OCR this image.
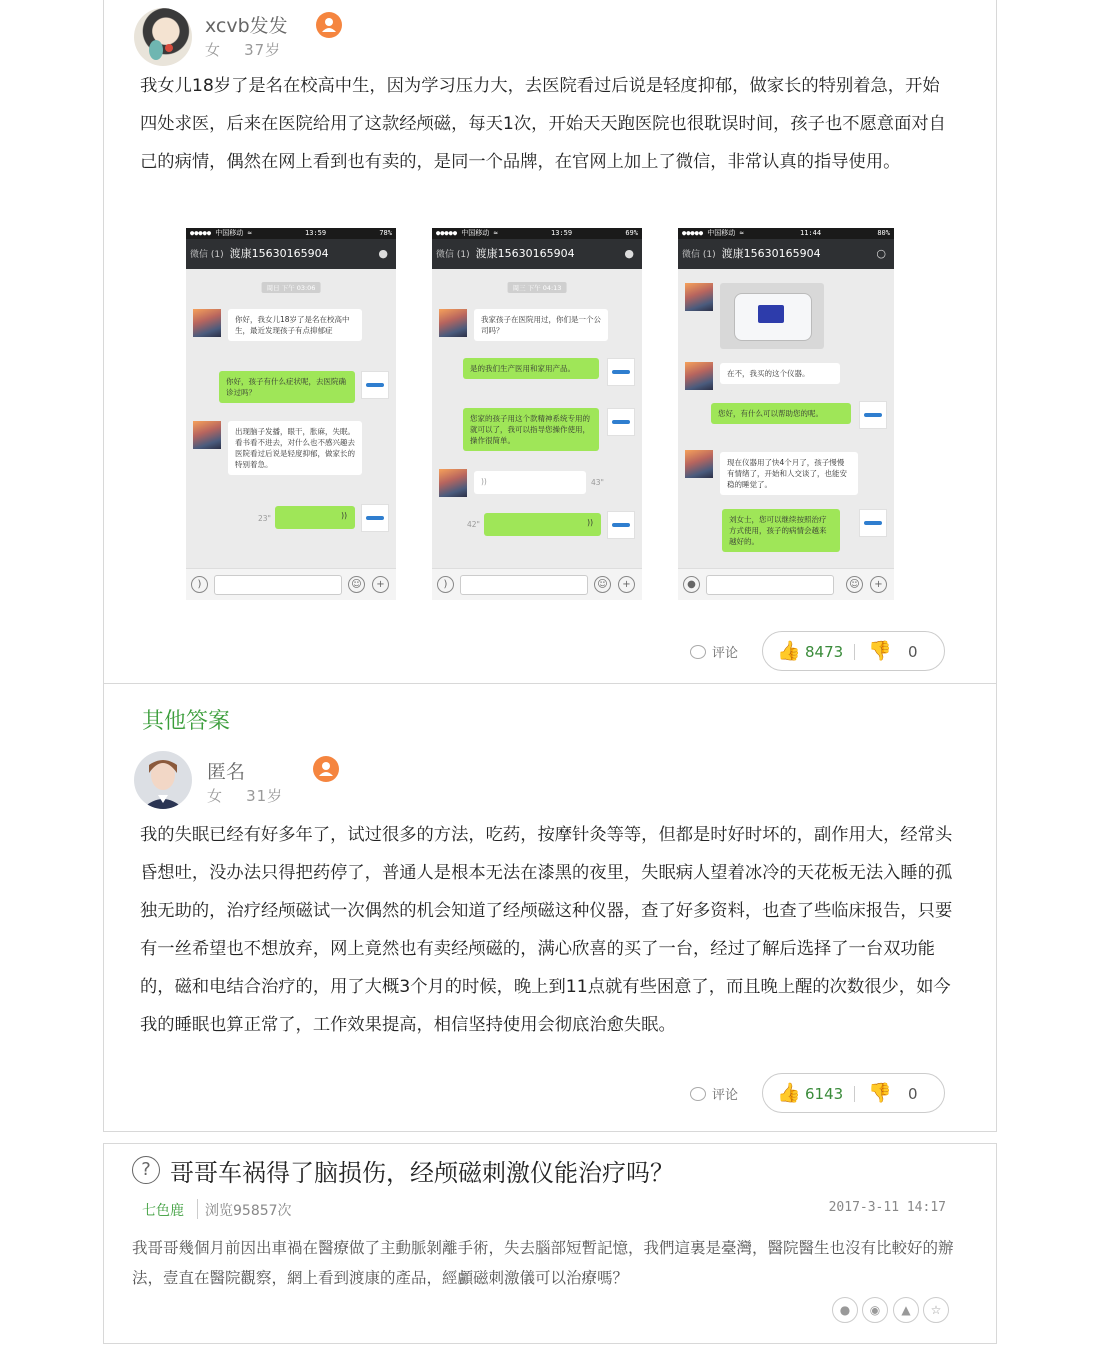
xcvb发发
女 37岁
我女儿18岁了是名在校高中生，因为学习压力大，去医院看过后说是轻度抑郁，做家长的特别着急，开始四处求医，后来在医院给用了这款经颅磁，每天1次，开始天天跑医院也很耽误时间，孩子也不愿意面对自己的病情，偶然在网上看到也有卖的，是同一个品牌，在官网上加上了微信，非常认真的指导使用。
●●●●● 中国移动 ≈	13:59	78%
微信 (1) 渡康15630165904	●
周日 下午 03:06
你好，我女儿18岁了是名在校高中生，最近发现孩子有点抑郁症
你好，孩子有什么症状呢，去医院确诊过吗？
出现脑子发播，眼干，胀麻，失眠。看书看不进去，对什么也不感兴趣去医院看过后说是轻度抑郁，做家长的特别着急。
23"	))
)	☺	+
●●●●● 中国移动 ≈	13:59	69%
微信 (1) 渡康15630165904	●
周三 下午 04:13
我家孩子在医院用过，你们是一个公司吗？
是的我们生产医用和家用产品。
您家的孩子用这个款精神系统专用的就可以了，我可以指导您操作使用，操作很简单。
))	43"
42"	))
)	☺	+
●●●●● 中国移动 ≈	11:44	80%
微信 (1) 渡康15630165904	○
在不，我买的这个仪器。
您好，有什么可以帮助您的呢。
现在仪器用了快4个月了，孩子慢慢有情绪了，开始和人交谈了，也能安稳的睡觉了。
刘女士，您可以继续按照治疗方式使用，孩子的病情会越来越好的。
●	☺	+
评论 👍 8473 👎 0
其他答案
匿名
女 31岁
我的失眠已经有好多年了，试过很多的方法，吃药，按摩针灸等等，但都是时好时坏的，副作用大，经常头昏想吐，没办法只得把药停了，普通人是根本无法在漆黑的夜里，失眠病人望着冰冷的天花板无法入睡的孤独无助的，治疗经颅磁试一次偶然的机会知道了经颅磁这种仪器，查了好多资料，也查了些临床报告，只要有一丝希望也不想放弃，网上竟然也有卖经颅磁的，满心欣喜的买了一台，经过了解后选择了一台双功能的，磁和电结合治疗的，用了大概3个月的时候，晚上到11点就有些困意了，而且晚上醒的次数很少，如今我的睡眠也算正常了，工作效果提高，相信坚持使用会彻底治愈失眠。
评论 👍 6143 👎 0
? 哥哥车祸得了脑损伤，经颅磁刺激仪能治疗吗？
七色鹿 浏览95857次	2017-3-11 14:17
我哥哥幾個月前因出車禍在醫療做了主動脈剝離手術，失去腦部短暫記憶，我們這裏是臺灣，醫院醫生也沒有比較好的辦法，壹直在醫院觀察，網上看到渡康的產品，經顱磁刺激儀可以治療嗎？
●	◉	▲	☆
